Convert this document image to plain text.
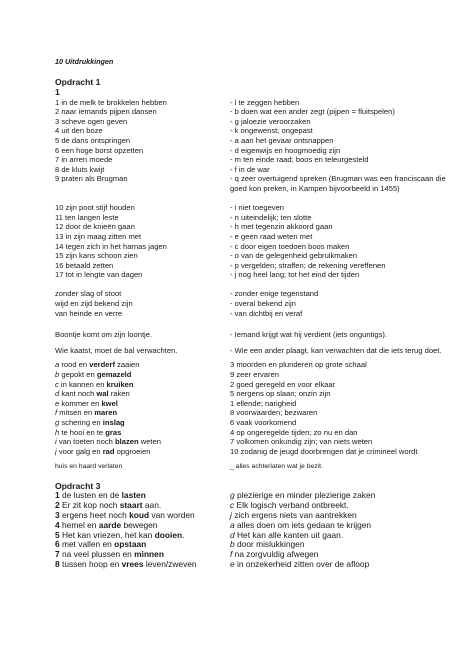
10 Uitdrukkingen
Opdracht 1
1
1 in de melk te brokkelen hebben	- l te zeggen hebben
2 naar iemands pijpen dansen	- b doen wat een ander zegt (pijpen = fluitspelen)
3 scheve ogen geven	- g jaloezie veroorzaken
4 uit den boze	- k ongewenst; ongepast
5 de dans ontspringen	- a aan het gevaar ontsnappen
6 een hoge borst opzetten	- d eigenwijs en hoogmoedig zijn
7 in arren moede	- m ten einde raad; boos en teleurgesteld
8 de kluts kwijt	- f in de war
9 praten als Brugman	- q zeer overtuigend spreken (Brugman was een franciscaan die goed kon preken, in Kampen bijvoorbeeld in 1455)
10 zijn poot stijf houden	- i niet toegeven
11 ten langen leste	- n uiteindelijk; ten slotte
12 door de knieën gaan	- h met tegenzin akkoord gaan
13 in zijn maag zitten met	- e geen raad weten met
14 tegen zich in het harnas jagen	- c door eigen toedoen boos maken
15 zijn kans schoon zien	- o van de gelegenheid gebruikmaken
16 betaald zetten	- p vergelden; straffen; de rekening vereffenen
17 tot in lengte van dagen	- j nog heel lang; tot het eind der tijden
zonder slag of stoot	- zonder enige tegenstand
wijd en zijd bekend zijn	- overal bekend zijn
van heinde en verre	- van dichtbij en veraf
Boontje komt om zijn loontje.	- Iemand krijgt wat hij verdient (iets onguntigs).
Wie kaatst, moet de bal verwachten.	- Wie een ander plaagt, kan verwachten dat die iets terug doet.
a rood en verderf zaaien	3 moorden en plunderen op grote schaal
b gepokt en gemazeld	9 zeer ervaren
c in kannen en kruiken	2 goed geregeld en voor elkaar
d kant noch wal raken	5 nergens op slaan; onzin zijn
e kommer en kwel	1 ellende; narigheid
f mitsen en maren	8 voorwaarden; bezwaren
g schering en inslag	6 vaak voorkomend
h te hooi en te gras	4 op ongeregelde tijden; zo nu en dan
i van toeten noch blazen weten	7 volkomen onkundig zijn; van niets weten
j voor galg en rad opgroeien	10 zodanig de jeugd doorbrengen dat je crimineel wordt
huis en haard verlaten	_ alles achterlaten wat je bezit.
Opdracht 3
1 de lusten en de lasten	g plezierige en minder plezierige zaken
2 Er zit kop noch staart aan.	c Elk logisch verband ontbreekt.
3 ergens heet noch koud van worden	j zich ergens niets van aantrekken
4 hemel en aarde bewegen	a alles doen om iets gedaan te krijgen
5 Het kan vriezen, het kan dooien.	d Het kan alle kanten uit gaan.
6 met vallen en opstaan	b door mislukkingen
7 na veel plussen en minnen	f na zorgvuldig afwegen
8 tussen hoop en vrees leven/zweven	e in onzekerheid zitten over de afloop
